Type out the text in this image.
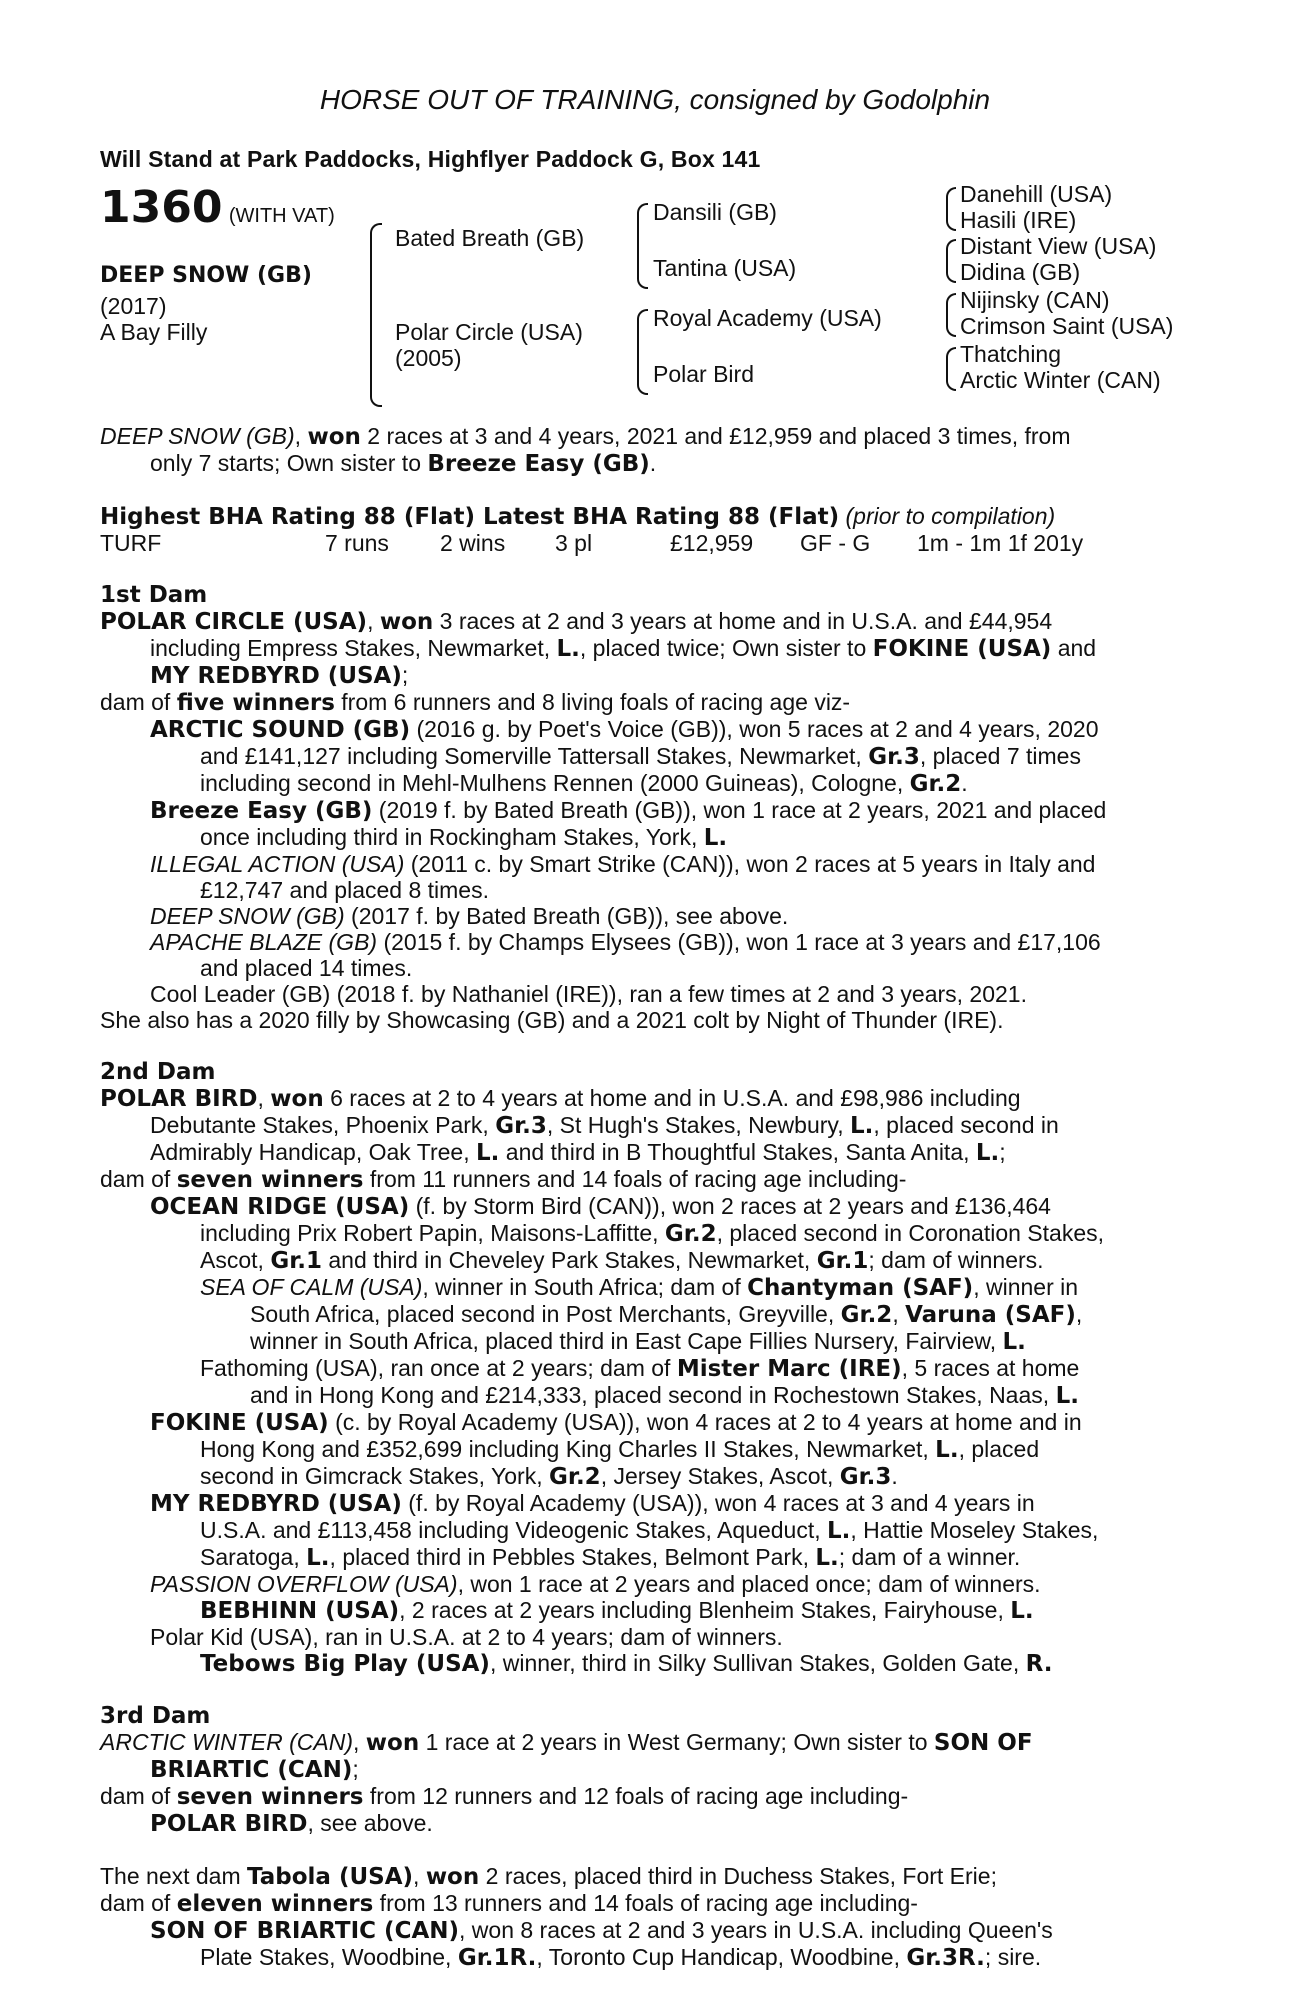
HORSE OUT OF TRAINING, consigned by Godolphin
Will Stand at Park Paddocks, Highflyer Paddock G, Box 141
1360 (WITH VAT)
DEEP SNOW (GB)
(2017)
A Bay Filly
Bated Breath (GB)
Polar Circle (USA)
(2005)
Dansili (GB)
Tantina (USA)
Royal Academy (USA)
Polar Bird
Danehill (USA)
Hasili (IRE)
Distant View (USA)
Didina (GB)
Nijinsky (CAN)
Crimson Saint (USA)
Thatching
Arctic Winter (CAN)
DEEP SNOW (GB), won 2 races at 3 and 4 years, 2021 and £12,959 and placed 3 times, from
only 7 starts; Own sister to Breeze Easy (GB).
Highest BHA Rating 88 (Flat) Latest BHA Rating 88 (Flat) (prior to compilation)
TURF	7 runs 2 wins 3 pl	£12,959 GF - G 1m - 1m 1f 201y
1st Dam
POLAR CIRCLE (USA), won 3 races at 2 and 3 years at home and in U.S.A. and £44,954
including Empress Stakes, Newmarket, L., placed twice; Own sister to FOKINE (USA) and
MY REDBYRD (USA);
dam of five winners from 6 runners and 8 living foals of racing age viz-
ARCTIC SOUND (GB) (2016 g. by Poet's Voice (GB)), won 5 races at 2 and 4 years, 2020
and £141,127 including Somerville Tattersall Stakes, Newmarket, Gr.3, placed 7 times
including second in Mehl-Mulhens Rennen (2000 Guineas), Cologne, Gr.2.
Breeze Easy (GB) (2019 f. by Bated Breath (GB)), won 1 race at 2 years, 2021 and placed
once including third in Rockingham Stakes, York, L.
ILLEGAL ACTION (USA) (2011 c. by Smart Strike (CAN)), won 2 races at 5 years in Italy and
£12,747 and placed 8 times.
DEEP SNOW (GB) (2017 f. by Bated Breath (GB)), see above.
APACHE BLAZE (GB) (2015 f. by Champs Elysees (GB)), won 1 race at 3 years and £17,106
and placed 14 times.
Cool Leader (GB) (2018 f. by Nathaniel (IRE)), ran a few times at 2 and 3 years, 2021.
She also has a 2020 filly by Showcasing (GB) and a 2021 colt by Night of Thunder (IRE).
2nd Dam
POLAR BIRD, won 6 races at 2 to 4 years at home and in U.S.A. and £98,986 including
Debutante Stakes, Phoenix Park, Gr.3, St Hugh's Stakes, Newbury, L., placed second in
Admirably Handicap, Oak Tree, L. and third in B Thoughtful Stakes, Santa Anita, L.;
dam of seven winners from 11 runners and 14 foals of racing age including-
OCEAN RIDGE (USA) (f. by Storm Bird (CAN)), won 2 races at 2 years and £136,464
including Prix Robert Papin, Maisons-Laffitte, Gr.2, placed second in Coronation Stakes,
Ascot, Gr.1 and third in Cheveley Park Stakes, Newmarket, Gr.1; dam of winners.
SEA OF CALM (USA), winner in South Africa; dam of Chantyman (SAF), winner in
South Africa, placed second in Post Merchants, Greyville, Gr.2, Varuna (SAF),
winner in South Africa, placed third in East Cape Fillies Nursery, Fairview, L.
Fathoming (USA), ran once at 2 years; dam of Mister Marc (IRE), 5 races at home
and in Hong Kong and £214,333, placed second in Rochestown Stakes, Naas, L.
FOKINE (USA) (c. by Royal Academy (USA)), won 4 races at 2 to 4 years at home and in
Hong Kong and £352,699 including King Charles II Stakes, Newmarket, L., placed
second in Gimcrack Stakes, York, Gr.2, Jersey Stakes, Ascot, Gr.3.
MY REDBYRD (USA) (f. by Royal Academy (USA)), won 4 races at 3 and 4 years in
U.S.A. and £113,458 including Videogenic Stakes, Aqueduct, L., Hattie Moseley Stakes,
Saratoga, L., placed third in Pebbles Stakes, Belmont Park, L.; dam of a winner.
PASSION OVERFLOW (USA), won 1 race at 2 years and placed once; dam of winners.
BEBHINN (USA), 2 races at 2 years including Blenheim Stakes, Fairyhouse, L.
Polar Kid (USA), ran in U.S.A. at 2 to 4 years; dam of winners.
Tebows Big Play (USA), winner, third in Silky Sullivan Stakes, Golden Gate, R.
3rd Dam
ARCTIC WINTER (CAN), won 1 race at 2 years in West Germany; Own sister to SON OF
BRIARTIC (CAN);
dam of seven winners from 12 runners and 12 foals of racing age including-
POLAR BIRD, see above.
The next dam Tabola (USA), won 2 races, placed third in Duchess Stakes, Fort Erie;
dam of eleven winners from 13 runners and 14 foals of racing age including-
SON OF BRIARTIC (CAN), won 8 races at 2 and 3 years in U.S.A. including Queen's
Plate Stakes, Woodbine, Gr.1R., Toronto Cup Handicap, Woodbine, Gr.3R.; sire.
